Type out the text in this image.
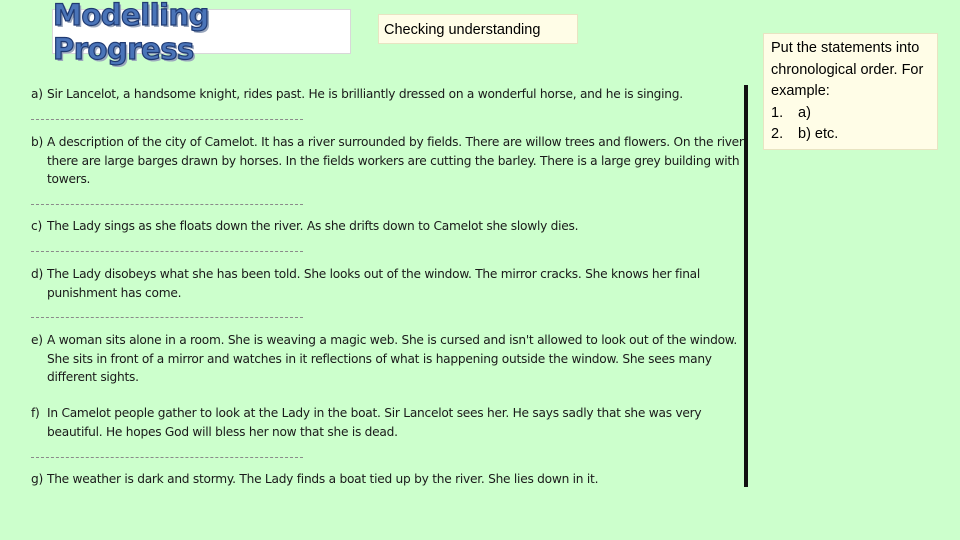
Modelling Progress
Checking understanding
a) Sir Lancelot, a handsome knight, rides past. He is brilliantly dressed on a wonderful horse, and he is singing.
b) A description of the city of Camelot. It has a river surrounded by fields. There are willow trees and flowers. On the river there are large barges drawn by horses. In the fields workers are cutting the barley. There is a large grey building with towers.
c) The Lady sings as she floats down the river. As she drifts down to Camelot she slowly dies.
d) The Lady disobeys what she has been told. She looks out of the window. The mirror cracks. She knows her final punishment has come.
e) A woman sits alone in a room. She is weaving a magic web. She is cursed and isn't allowed to look out of the window. She sits in front of a mirror and watches in it reflections of what is happening outside the window. She sees many different sights.
f) In Camelot people gather to look at the Lady in the boat. Sir Lancelot sees her. He says sadly that she was very beautiful. He hopes God will bless her now that she is dead.
g) The weather is dark and stormy. The Lady finds a boat tied up by the river. She lies down in it.
Put the statements into chronological order. For example:
1. a)
2. b) etc.
